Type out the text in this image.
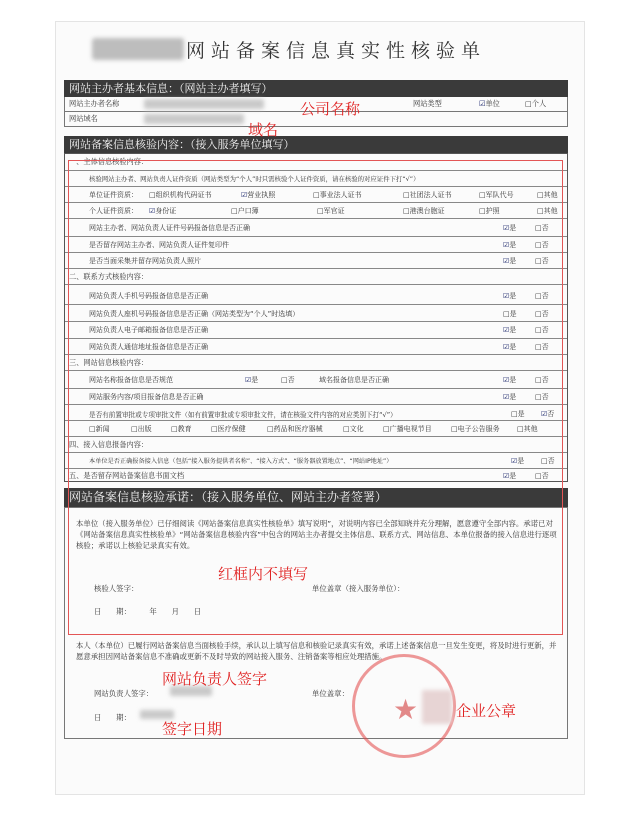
网站备案信息真实性核验单
网站主办者基本信息：（网站主办者填写）
网站主办者名称	网站类型	☑单位	□个人
网站域名
网站备案信息核验内容：（接入服务单位填写）
一、主体信息核验内容：
核验网站主办者、网站负责人证件资质（网站类型为“个人”时只需核验个人证件资质，请在核验的对应证件下打“√”）
单位证件资质： □组织机构代码证书	☑营业执照	□事业法人证书	□社团法人证书	□军队代号	□其他
个人证件资质： ☑身份证	□户口簿	□军官证	□港澳台胞证	□护照	□其他
网站主办者、网站负责人证件号码报备信息是否正确	☑是	□否
是否留存网站主办者、网站负责人证件复印件	☑是	□否
是否当面采集并留存网站负责人照片	☑是	□否
二、联系方式核验内容：
网站负责人手机号码报备信息是否正确	☑是	□否
网站负责人座机号码报备信息是否正确（网站类型为“个人”时选填）	□是	□否
网站负责人电子邮箱报备信息是否正确	☑是	□否
网站负责人通信地址报备信息是否正确	☑是	□否
三、网站信息核验内容：
网站名称报备信息是否规范	☑是	□否	域名报备信息是否正确	☑是	□否
网站服务内容/项目报备信息是否正确	☑是	□否
是否有前置审批或专项审批文件（如有前置审批或专项审批文件，请在核验文件内容的对应类别下打“√”）	□是 ☑否
□新闻	□出版	□教育	□医疗保健	□药品和医疗器械	□文化	□广播电视节目	□电子公告服务 □其他
四、接入信息报备内容：
本单位是否正确报备接入信息（包括“接入服务提供者名称”、“接入方式”、“服务器放置地点”、“网站IP地址”）	☑是 □否
五、是否留存网站备案信息书面文档	☑是	□否
网站备案信息核验承诺：（接入服务单位、网站主办者签署）
本单位（接入服务单位）已仔细阅读《网站备案信息真实性核验单》填写说明”，对说明内容已全部知晓并充分理解，愿意遵守全部内容。承诺已对《网站备案信息真实性核验单》“网站备案信息核验内容”中包含的网站主办者提交主体信息、联系方式、网站信息、本单位报备的接入信息进行逐项核验；承诺以上核验记录真实有效。
核验人签字：	单位盖章（接入服务单位）：
日　　期：　　　年　　月　　日
本人（本单位）已履行网站备案信息当面核验手续，承认以上填写信息和核验记录真实有效，承诺上述备案信息一旦发生变更，将及时进行更新，并愿意承担因网站备案信息不准确或更新不及时导致的网站接入服务、注销备案等相应处理措施。
网站负责人签字：	单位盖章：
日　　期：	★
公司名称
域名
红框内不填写
网站负责人签字
签字日期
企业公章
